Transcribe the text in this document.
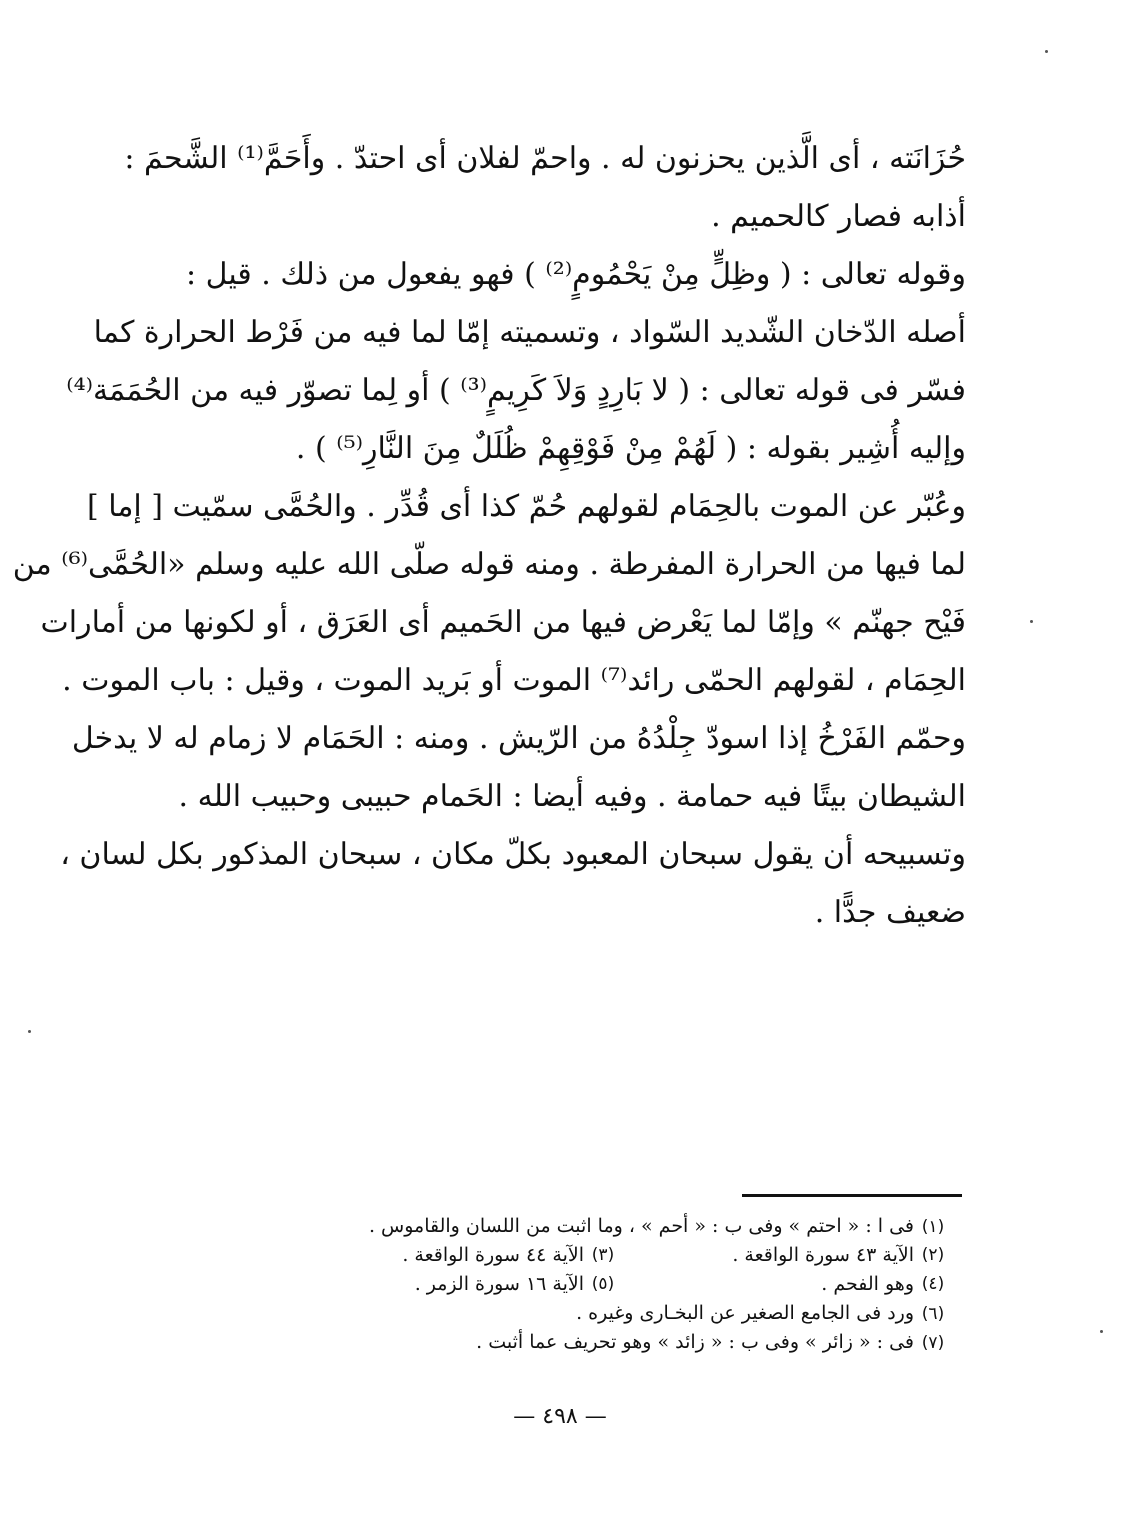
حُزَانَته ، أى الَّذين يحزنون له . واحمّ لفلان أى احتدّ . وأَحَمَّ⁽¹⁾ الشَّحمَ :
أذابه فصار كالحميم .
وقوله تعالى : ( وظِلٍّ مِنْ يَحْمُومٍ⁽²⁾ ) فهو يفعول من ذلك . قيل :
أصله الدّخان الشّديد السّواد ، وتسميته إمّا لما فيه من فَرْط الحرارة كما
فسّر فى قوله تعالى : ( لا بَارِدٍ وَلاَ كَرِيمٍ⁽³⁾ ) أو لِما تصوّر فيه من الحُمَمَة⁽⁴⁾
وإليه أُشِير بقوله : ( لَهُمْ مِنْ فَوْقِهِمْ ظُلَلٌ مِنَ النَّارِ⁽⁵⁾ ) .
وعُبّر عن الموت بالحِمَام لقولهم حُمّ كذا أى قُدِّر . والحُمَّى سمّيت [ إما ]
لما فيها من الحرارة المفرطة . ومنه قوله صلّى الله عليه وسلم «الحُمَّى⁽⁶⁾ من
فَيْح جهنّم » وإمّا لما يَعْرض فيها من الحَميم أى العَرَق ، أو لكونها من أمارات
الحِمَام ، لقولهم الحمّى رائد⁽⁷⁾ الموت أو بَريد الموت ، وقيل : باب الموت .
وحمّم الفَرْخُ إذا اسودّ جِلْدُهُ من الرّيش . ومنه : الحَمَام لا زمام له لا يدخل
الشيطان بيتًا فيه حمامة . وفيه أيضا : الحَمام حبيبى وحبيب الله .
وتسبيحه أن يقول سبحان المعبود بكلّ مكان ، سبحان المذكور بكل لسان ،
ضعيف جدًّا .
(١)
فى ا : « احتم » وفى ب : « أحم » ، وما اثبت من اللسان والقاموس .
(٢)
الآية ٤٣ سورة الواقعة .
(٣)
الآية ٤٤ سورة الواقعة .
(٤)
وهو الفحم .
(٥)
الآية ١٦ سورة الزمر .
(٦)
ورد فى الجامع الصغير عن البخـارى وغيره .
(٧)
فى : « زائر » وفى ب : « زائد » وهو تحريف عما أثبت .
— ٤٩٨ —
